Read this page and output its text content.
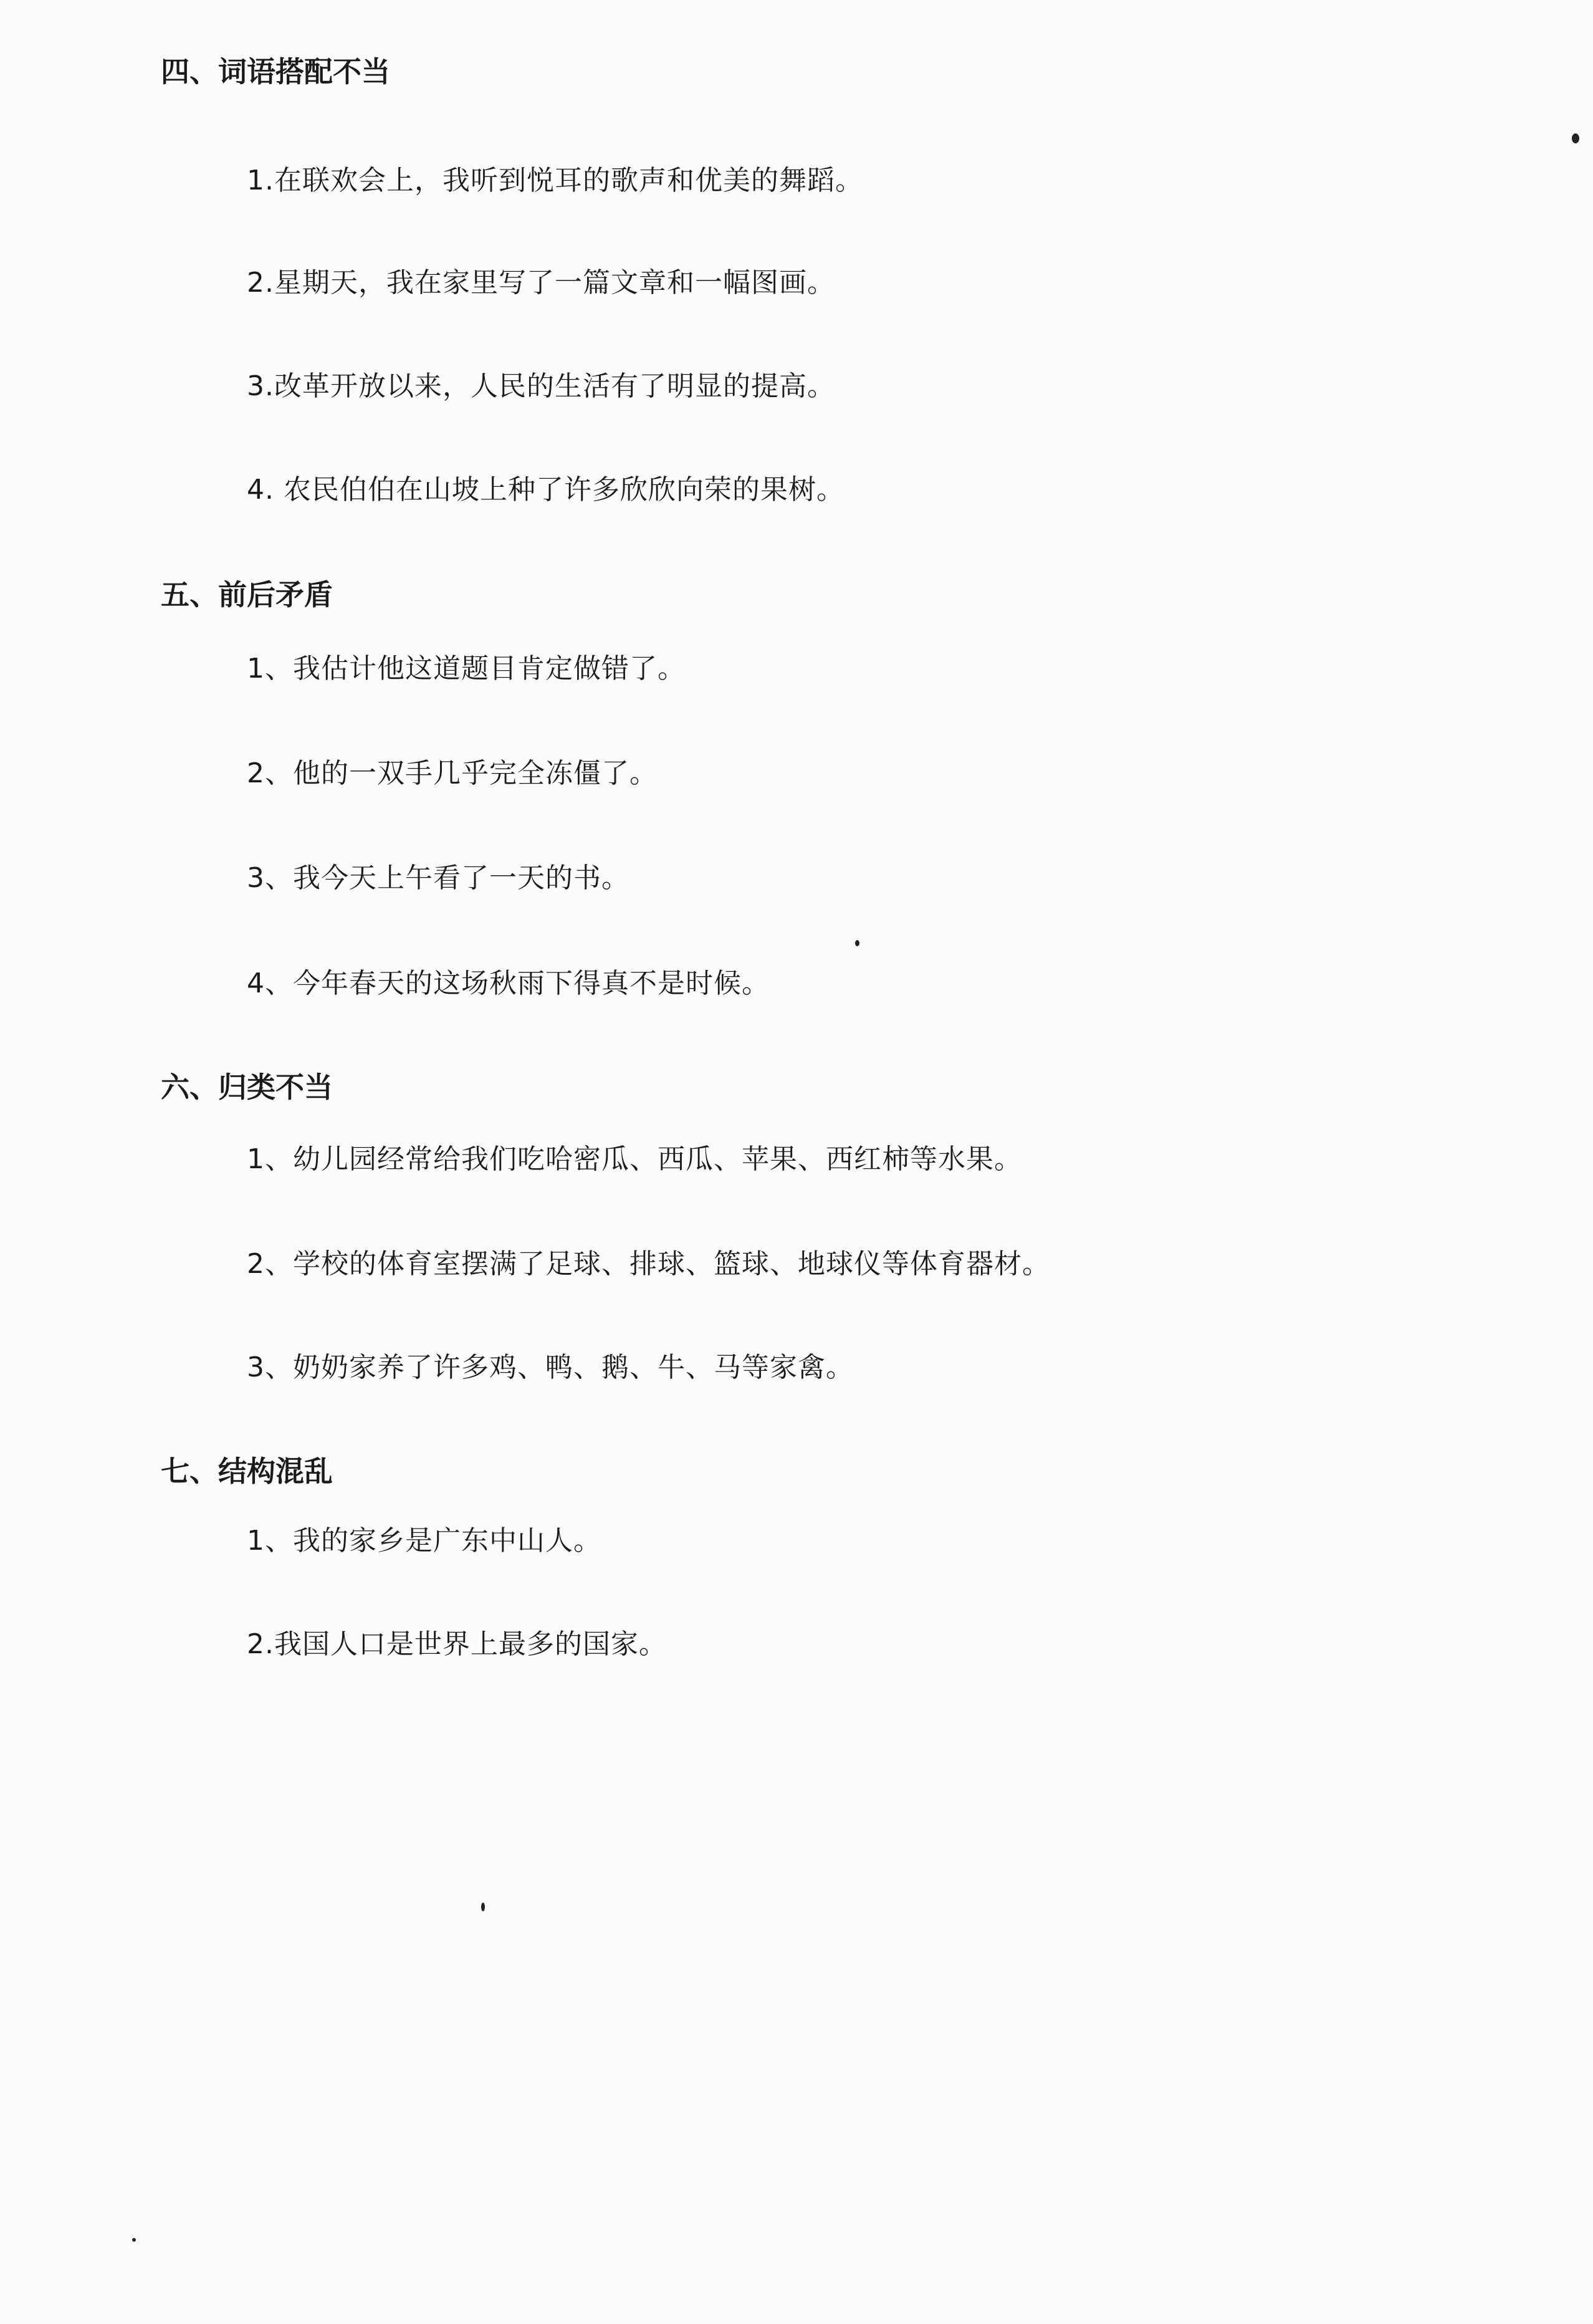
四、词语搭配不当
1.在联欢会上，我听到悦耳的歌声和优美的舞蹈。
2.星期天，我在家里写了一篇文章和一幅图画。
3.改革开放以来，人民的生活有了明显的提高。
4. 农民伯伯在山坡上种了许多欣欣向荣的果树。
五、前后矛盾
1、我估计他这道题目肯定做错了。
2、他的一双手几乎完全冻僵了。
3、我今天上午看了一天的书。
4、今年春天的这场秋雨下得真不是时候。
六、归类不当
1、幼儿园经常给我们吃哈密瓜、西瓜、苹果、西红柿等水果。
2、学校的体育室摆满了足球、排球、篮球、地球仪等体育器材。
3、奶奶家养了许多鸡、鸭、鹅、牛、马等家禽。
七、结构混乱
1、我的家乡是广东中山人。
2.我国人口是世界上最多的国家。
